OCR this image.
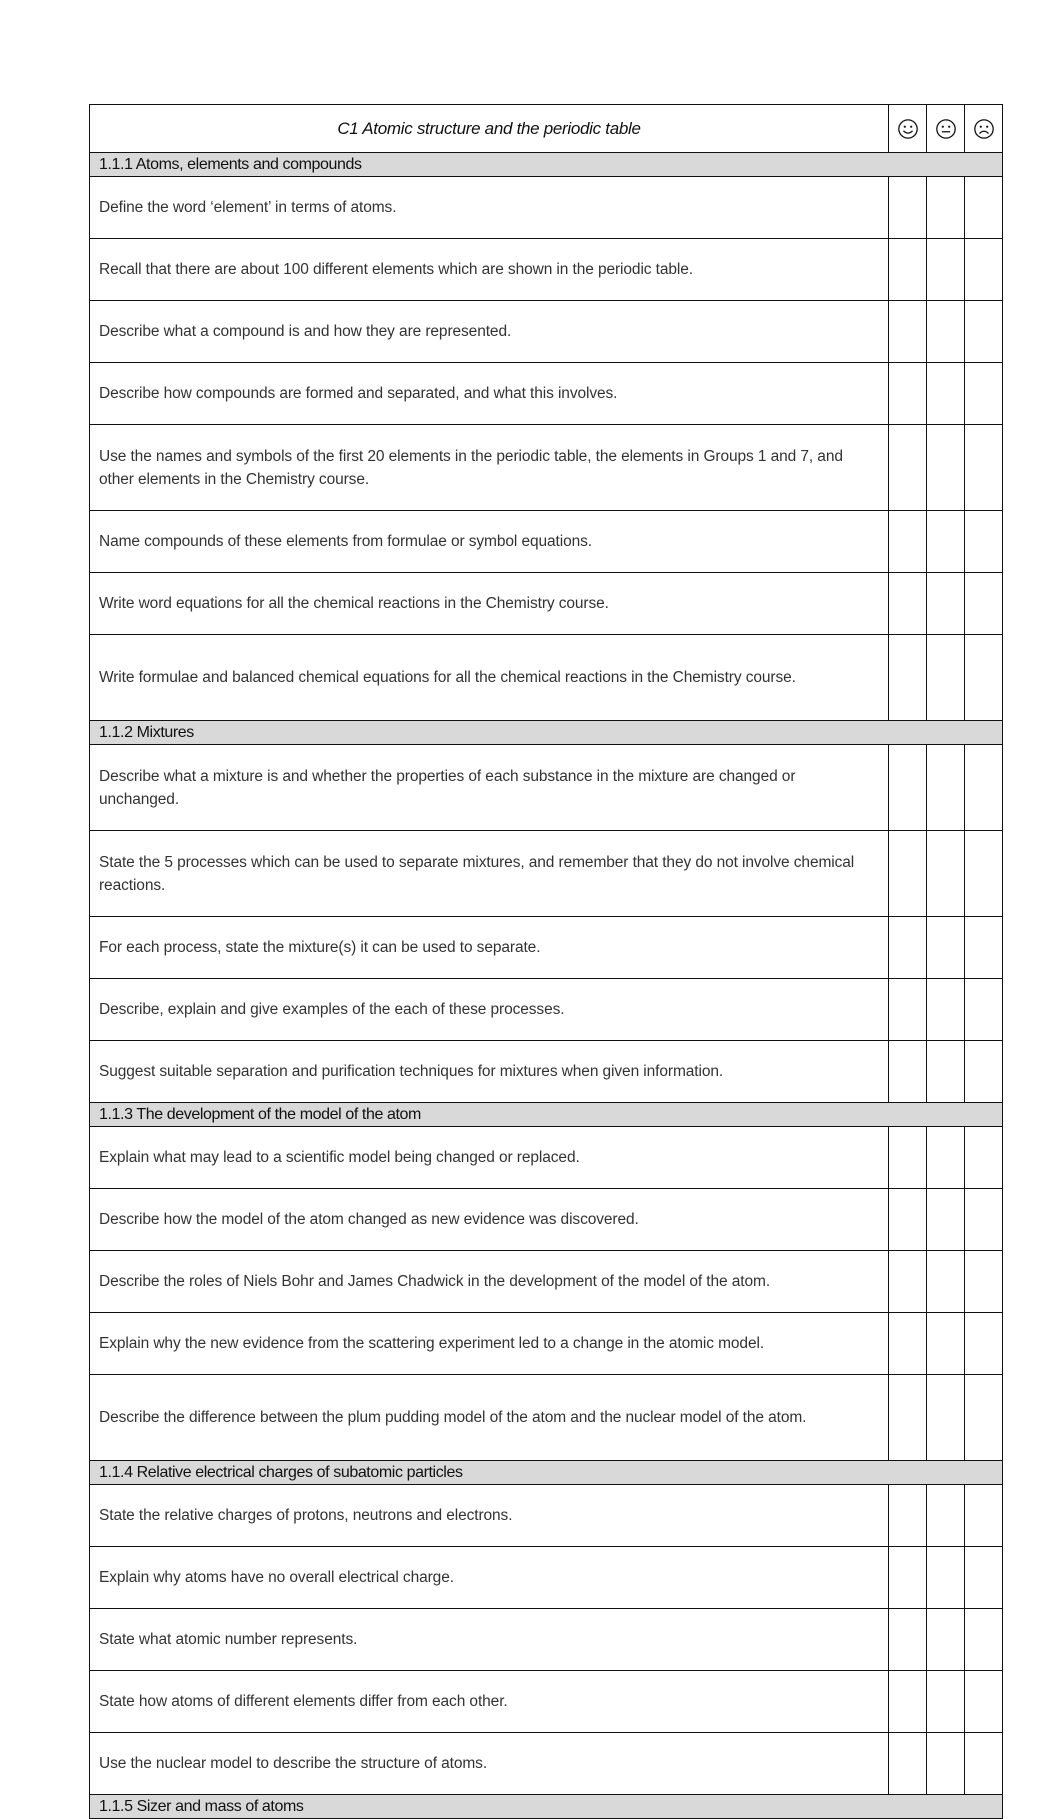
C1 Atomic structure and the periodic table	

1.1.1 Atoms, elements and compounds			
Define the word ‘element’ in terms of atoms.			
Recall that there are about 100 different elements which are shown in the periodic table.			
Describe what a compound is and how they are represented.			
Describe how compounds are formed and separated, and what this involves.			
Use the names and symbols of the first 20 elements in the periodic table, the elements in Groups 1 and 7, and other elements in the Chemistry course.			
Name compounds of these elements from formulae or symbol equations.			
Write word equations for all the chemical reactions in the Chemistry course.			
Write formulae and balanced chemical equations for all the chemical reactions in the Chemistry course.			
1.1.2 Mixtures			
Describe what a mixture is and whether the properties of each substance in the mixture are changed or unchanged.			
State the 5 processes which can be used to separate mixtures, and remember that they do not involve chemical reactions.			
For each process, state the mixture(s) it can be used to separate.			
Describe, explain and give examples of the each of these processes.			
Suggest suitable separation and purification techniques for mixtures when given information.			
1.1.3 The development of the model of the atom			
Explain what may lead to a scientific model being changed or replaced.			
Describe how the model of the atom changed as new evidence was discovered.			
Describe the roles of Niels Bohr and James Chadwick in the development of the model of the atom.			
Explain why the new evidence from the scattering experiment led to a change in the atomic model.			
Describe the difference between the plum pudding model of the atom and the nuclear model of the atom.			
1.1.4 Relative electrical charges of subatomic particles			
State the relative charges of protons, neutrons and electrons.			
Explain why atoms have no overall electrical charge.			
State what atomic number represents.			
State how atoms of different elements differ from each other.			
Use the nuclear model to describe the structure of atoms.			
1.1.5 Sizer and mass of atoms			
